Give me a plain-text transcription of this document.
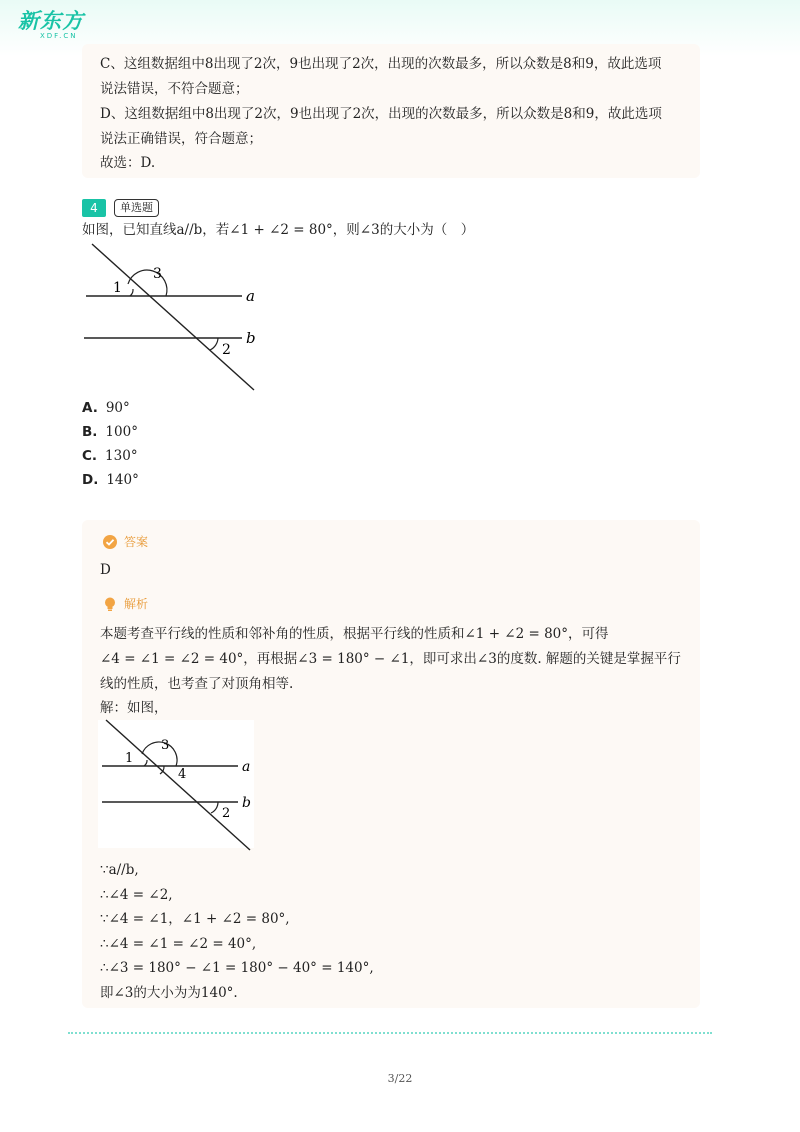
新东方
XDF.CN
C、这组数据组中8出现了2次，9也出现了2次，出现的次数最多，所以众数是8和9，故此选项
说法错误，不符合题意；
D、这组数据组中8出现了2次，9也出现了2次，出现的次数最多，所以众数是8和9，故此选项
说法正确错误，符合题意；
故选：D.
4	单选题
如图，已知直线a//b，若∠1 + ∠2 = 80°，则∠3的大小为（　）
1
3
2
a
b
A. 90°
B. 100°
C. 130°
D. 140°
答案
D
解析
本题考查平行线的性质和邻补角的性质，根据平行线的性质和∠1 + ∠2 = 80°，可得
∠4 = ∠1 = ∠2 = 40°，再根据∠3 = 180° − ∠1，即可求出∠3的度数. 解题的关键是掌握平行
线的性质，也考查了对顶角相等.
解：如图，
1
3
4
2
a
b
∵a//b,
∴∠4 = ∠2,
∵∠4 = ∠1，∠1 + ∠2 = 80°,
∴∠4 = ∠1 = ∠2 = 40°,
∴∠3 = 180° − ∠1 = 180° − 40° = 140°,
即∠3的大小为为140°.
3/22
